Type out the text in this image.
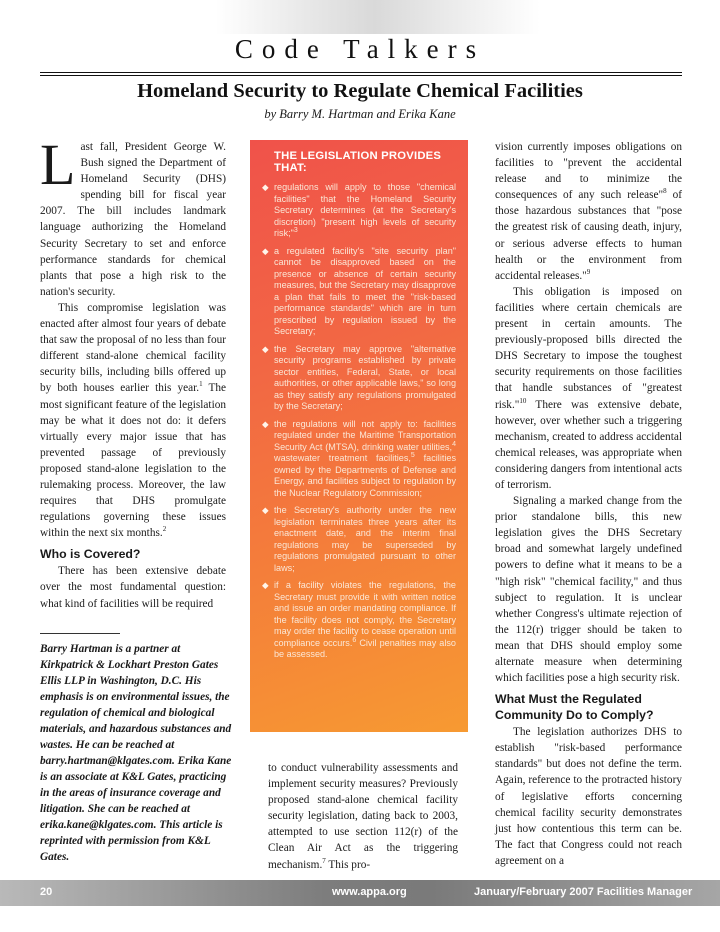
Code Talkers
Homeland Security to Regulate Chemical Facilities
by Barry M. Hartman and Erika Kane

Last fall, President George W. Bush signed the Department of Homeland Security (DHS) spending bill for fiscal year 2007. The bill includes landmark language authorizing the Homeland Security Secretary to set and enforce performance standards for chemical plants that pose a high risk to the nation's security.

This compromise legislation was enacted after almost four years of debate that saw the proposal of no less than four different stand-alone chemical facility security bills, including bills offered up by both houses earlier this year.$^1$ The most significant feature of the legislation may be what it does not do: it defers virtually every major issue that has prevented passage of previously proposed stand-alone legislation to the rulemaking process. Moreover, the law requires that DHS promulgate regulations governing these issues within the next six months.$^2$

Who is Covered?

There has been extensive debate over the most fundamental question: what kind of facilities will be required

Barry Hartman is a partner at Kirkpatrick & Lockhart Preston Gates Ellis LLP in Washington, D.C. His emphasis is on environmental issues, the regulation of chemical and biological materials, and hazardous substances and wastes. He can be reached at barry.hartman@klgates.com. Erika Kane is an associate at K&L Gates, practicing in the areas of insurance coverage and litigation. She can be reached at erika.kane@klgates.com. This article is reprinted with permission from K&L Gates.
THE LEGISLATION PROVIDES THAT:
◆ regulations will apply to those "chemical facilities" that the Homeland Security Secretary determines (at the Secretary's discretion) "present high levels of security risk;"$^3$
◆ a regulated facility's "site security plan" cannot be disapproved based on the presence or absence of certain security measures, but the Secretary may disapprove a plan that fails to meet the "risk-based performance standards" which are in turn prescribed by regulation issued by the Secretary;
◆ the Secretary may approve "alternative security programs established by private sector entities, Federal, State, or local authorities, or other applicable laws," so long as they satisfy any regulations promulgated by the Secretary;
◆ the regulations will not apply to: facilities regulated under the Maritime Transportation Security Act (MTSA), drinking water utilities,$^4$ wastewater treatment facilities,$^5$ facilities owned by the Departments of Defense and Energy, and facilities subject to regulation by the Nuclear Regulatory Commission;
◆ the Secretary's authority under the new legislation terminates three years after its enactment date, and the interim final regulations may be superseded by regulations promulgated pursuant to other laws;
◆ if a facility violates the regulations, the Secretary must provide it with written notice and issue an order mandating compliance. If the facility does not comply, the Secretary may order the facility to cease operation until compliance occurs.$^6$ Civil penalties may also be assessed.

to conduct vulnerability assessments and implement security measures? Previously proposed stand-alone chemical facility security legislation, dating back to 2003, attempted to use section 112(r) of the Clean Air Act as the triggering mechanism.$^7$ This pro-

vision currently imposes obligations on facilities to "prevent the accidental release and to minimize the consequences of any such release"$^8$ of those hazardous substances that "pose the greatest risk of causing death, injury, or serious adverse effects to human health or the environment from accidental releases."$^9$

This obligation is imposed on facilities where certain chemicals are present in certain amounts. The previously-proposed bills directed the DHS Secretary to impose the toughest security requirements on those facilities that handle substances of "greatest risk."$^{10}$ There was extensive debate, however, over whether such a triggering mechanism, created to address accidental chemical releases, was appropriate when considering dangers from intentional acts of terrorism.

Signaling a marked change from the prior standalone bills, this new legislation gives the DHS Secretary broad and somewhat largely undefined powers to define what it means to be a "high risk" "chemical facility," and thus subject to regulation. It is unclear whether Congress's ultimate rejection of the 112(r) trigger should be taken to mean that DHS should employ some alternate measure when determining which facilities pose a high security risk.

What Must the Regulated Community Do to Comply?

The legislation authorizes DHS to establish "risk-based performance standards" but does not define the term. Again, reference to the protracted history of legislative efforts concerning chemical facility security demonstrates just how contentious this term can be. The fact that Congress could not reach agreement on a

20	www.appa.org	January/February 2007 Facilities Manager
